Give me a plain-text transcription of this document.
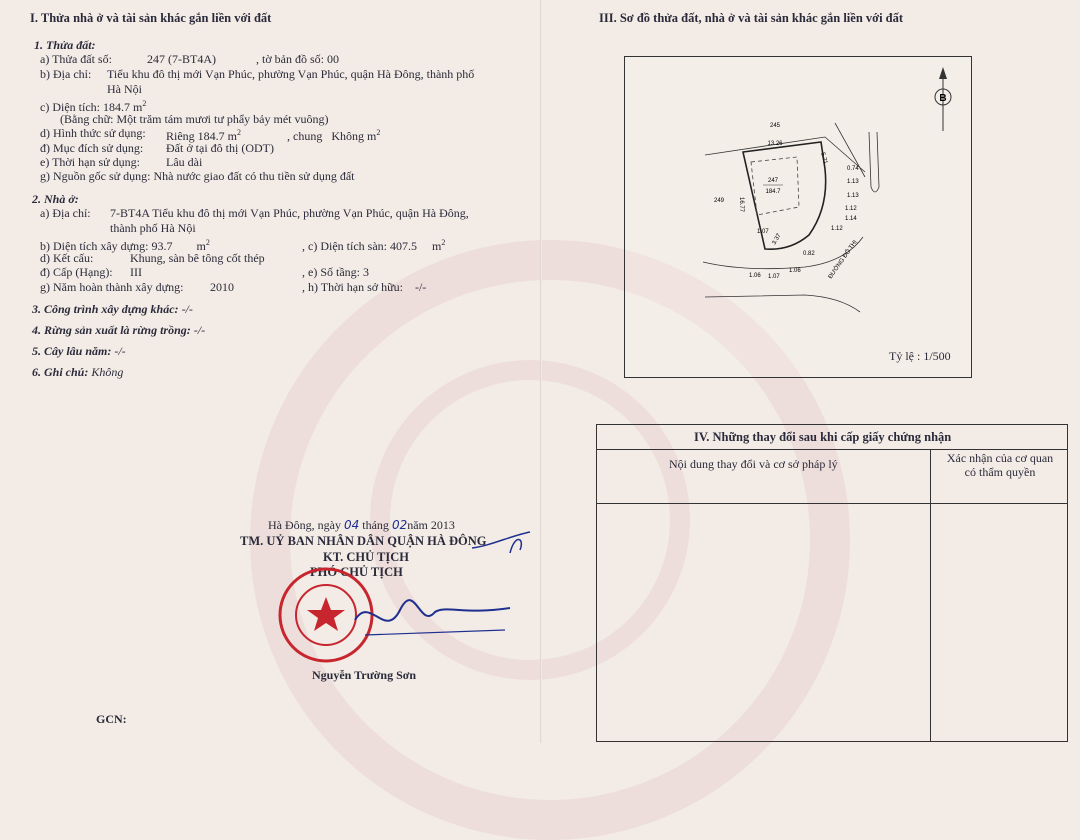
I. Thửa nhà ở và tài sản khác gắn liền với đất
1. Thửa đất:
a) Thửa đất số:	247 (7-BT4A)	, tờ bản đồ số: 00
b) Địa chỉ: Tiểu khu đô thị mới Vạn Phúc, phường Vạn Phúc, quận Hà Đông, thành phố
Hà Nội
c) Diện tích: 184.7 $m^2$
(Bằng chữ: Một trăm tám mươi tư phẩy bảy mét vuông)
d) Hình thức sử dụng: Riêng 184.7 $m^2$	, chung Không $m^2$
đ) Mục đích sử dụng: Đất ở tại đô thị (ODT)
e) Thời hạn sử dụng: Lâu dài
g) Nguồn gốc sử dụng: Nhà nước giao đất có thu tiền sử dụng đất
2. Nhà ở:
a) Địa chỉ: 7-BT4A Tiểu khu đô thị mới Vạn Phúc, phường Vạn Phúc, quận Hà Đông,
thành phố Hà Nội
b) Diện tích xây dựng: 93.7 $m^2$	, c) Diện tích sàn: 407.5 $m^2$
d) Kết cấu:	Khung, sàn bê tông cốt thép
đ) Cấp (Hạng): III	, e) Số tầng: 3
g) Năm hoàn thành xây dựng: 2010	, h) Thời hạn sở hữu: -/-
3. Công trình xây dựng khác: -/-
4. Rừng sản xuất là rừng trồng: -/-
5. Cây lâu năm: -/-
6. Ghi chú: Không
Hà Đông, ngày 04 tháng 02năm 2013
TM. UỶ BAN NHÂN DÂN QUẬN HÀ ĐÔNG
KT. CHỦ TỊCH
PHÓ CHỦ TỊCH
Nguyễn Trường Sơn
GCN:
III. Sơ đồ thửa đất, nhà ở và tài sản khác gắn liền với đất
B
247
184.7
245
249
13.26
16.77
5.71
0.74
1.13
1.13
1.12
1.14
1.12
3.37
0.82
1.07
1.06 1.07
1.06	ĐƯỜNG ĐÔ THỊ
Tỷ lệ : 1/500
IV. Những thay đổi sau khi cấp giấy chứng nhận
Nội dung thay đổi và cơ sở pháp lý	Xác nhận của cơ quan
có thẩm quyền
